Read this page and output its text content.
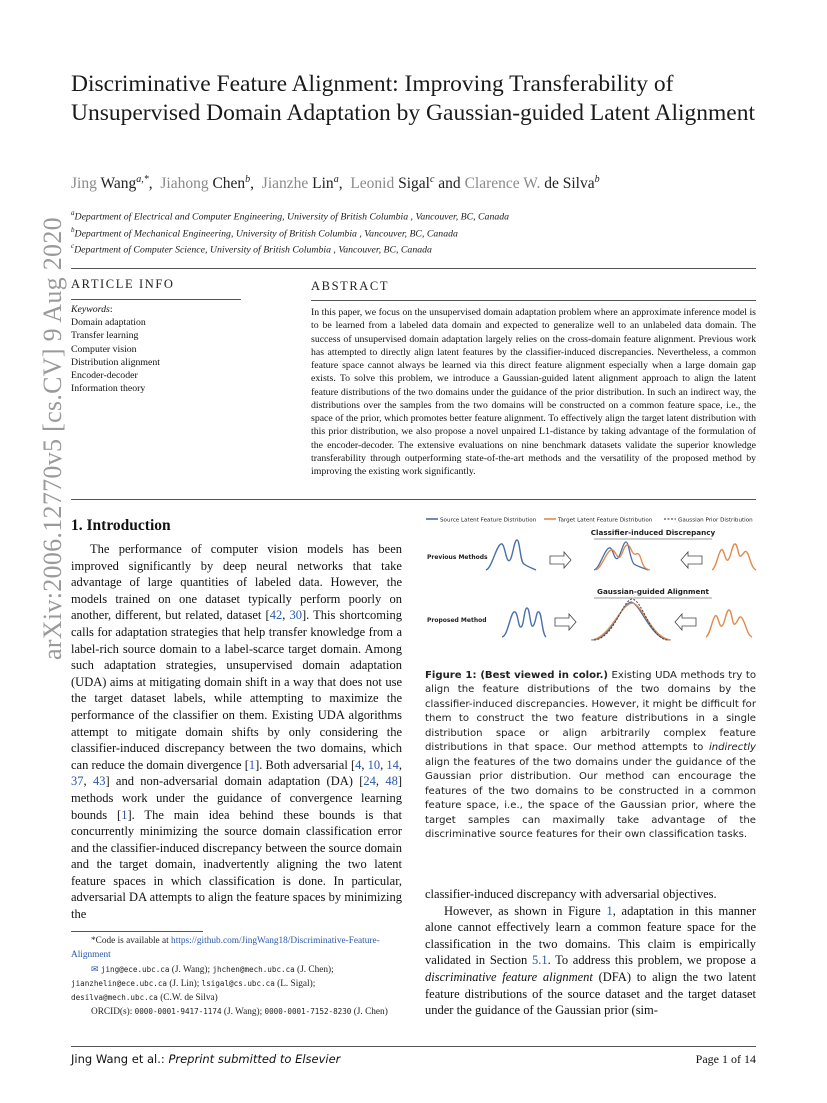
arXiv:2006.12770v5 [cs.CV] 9 Aug 2020
Discriminative Feature Alignment: Improving Transferability of Unsupervised Domain Adaptation by Gaussian-guided Latent Alignment
Jing Wang$^{a,*}$,  Jiahong Chen$^b$,  Jianzhe Lin$^a$,  Leonid Sigal$^c$ and Clarence W. de Silva$^b$
$^a$Department of Electrical and Computer Engineering, University of British Columbia , Vancouver, BC, Canada
$^b$Department of Mechanical Engineering, University of British Columbia , Vancouver, BC, Canada
$^c$Department of Computer Science, University of British Columbia , Vancouver, BC, Canada
ARTICLE INFO	ABSTRACT
Keywords:
Domain adaptation
Transfer learning
Computer vision
Distribution alignment
Encoder-decoder
Information theory
In this paper, we focus on the unsupervised domain adaptation problem where an approximate inference model is to be learned from a labeled data domain and expected to generalize well to an unlabeled data domain. The success of unsupervised domain adaptation largely relies on the cross-domain feature alignment. Previous work has attempted to directly align latent features by the classifier-induced discrepancies. Nevertheless, a common feature space cannot always be learned via this direct feature alignment especially when a large domain gap exists. To solve this problem, we introduce a Gaussian-guided latent alignment approach to align the latent feature distributions of the two domains under the guidance of the prior distribution. In such an indirect way, the distributions over the samples from the two domains will be constructed on a common feature space, i.e., the space of the prior, which promotes better feature alignment. To effectively align the target latent distribution with this prior distribution, we also propose a novel unpaired L1-distance by taking advantage of the formulation of the encoder-decoder. The extensive evaluations on nine benchmark datasets validate the superior knowledge transferability through outperforming state-of-the-art methods and the versatility of the proposed method by improving the existing work significantly.
1. Introduction
The performance of computer vision models has been improved significantly by deep neural networks that take advantage of large quantities of labeled data. However, the models trained on one dataset typically perform poorly on another, different, but related, dataset [42, 30]. This shortcoming calls for adaptation strategies that help transfer knowledge from a label-rich source domain to a label-scarce target domain. Among such adaptation strategies, unsupervised domain adaptation (UDA) aims at mitigating domain shift in a way that does not use the target dataset labels, while attempting to maximize the performance of the classifier on them. Existing UDA algorithms attempt to mitigate domain shifts by only considering the classifier-induced discrepancy between the two domains, which can reduce the domain divergence [1]. Both adversarial [4, 10, 14, 37, 43] and non-adversarial domain adaptation (DA) [24, 48] methods work under the guidance of convergence learning bounds [1]. The main idea behind these bounds is that concurrently minimizing the source domain classification error and the classifier-induced discrepancy between the source domain and the target domain, inadvertently aligning the two latent feature spaces in which classification is done. In particular, adversarial DA attempts to align the feature spaces by minimizing the
Source Latent Feature Distribution	Target Latent Feature Distribution	Gaussian Prior Distribution
Classifier-induced Discrepancy
Gaussian-guided Alignment
Previous Methods
Proposed Method
Figure 1: (Best viewed in color.) Existing UDA methods try to align the feature distributions of the two domains by the classifier-induced discrepancies. However, it might be difficult for them to construct the two feature distributions in a single distribution space or align arbitrarily complex feature distributions in that space. Our method attempts to indirectly align the features of the two domains under the guidance of the Gaussian prior distribution. Our method can encourage the features of the two domains to be constructed in a common feature space, i.e., the space of the Gaussian prior, where the target samples can maximally take advantage of the discriminative source features for their own classification tasks.

classifier-induced discrepancy with adversarial objectives.

However, as shown in Figure 1, adaptation in this manner alone cannot effectively learn a common feature space for the classification in the two domains. This claim is empirically validated in Section 5.1. To address this problem, we propose a discriminative feature alignment (DFA) to align the two latent feature distributions of the source dataset and the target dataset under the guidance of the Gaussian prior (sim-

*Code is available at https://github.com/JingWang18/Discriminative-Feature-Alignment
✉ jing@ece.ubc.ca (J. Wang); jhchen@mech.ubc.ca (J. Chen); jianzhelin@ece.ubc.ca (J. Lin); lsigal@cs.ubc.ca (L. Sigal); desilva@mech.ubc.ca (C.W. de Silva)
ORCID(s): 0000-0001-9417-1174 (J. Wang); 0000-0001-7152-8230 (J. Chen)
Jing Wang et al.: Preprint submitted to Elsevier	Page 1 of 14
